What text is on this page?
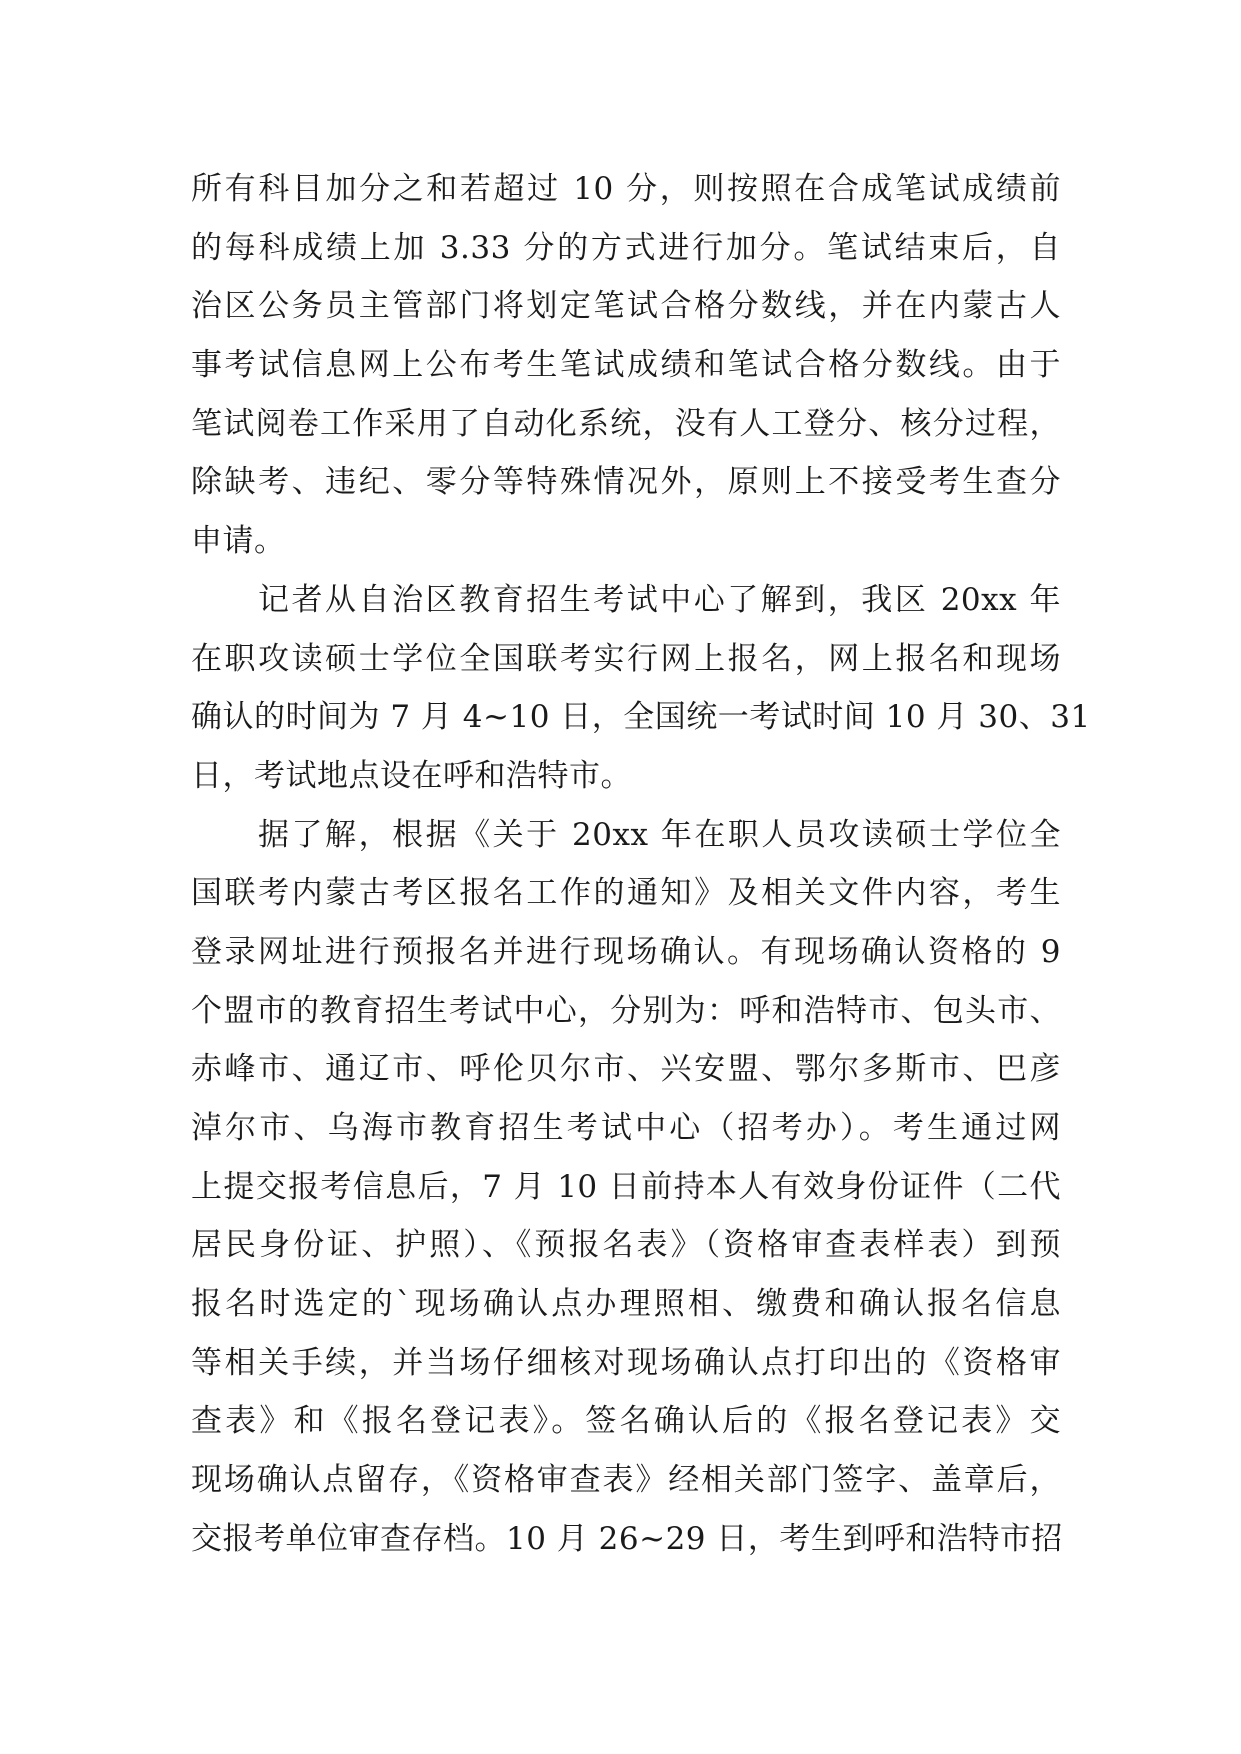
所有科目加分之和若超过 10 分，则按照在合成笔试成绩前
的每科成绩上加 3.33 分的方式进行加分。笔试结束后，自
治区公务员主管部门将划定笔试合格分数线，并在内蒙古人
事考试信息网上公布考生笔试成绩和笔试合格分数线。由于
笔试阅卷工作采用了自动化系统，没有人工登分、核分过程，
除缺考、违纪、零分等特殊情况外，原则上不接受考生查分
申请。
　　记者从自治区教育招生考试中心了解到，我区 20xx 年
在职攻读硕士学位全国联考实行网上报名，网上报名和现场
确认的时间为 7 月 4~10 日，全国统一考试时间 10 月 30、31
日，考试地点设在呼和浩特市。
　　据了解，根据《关于 20xx 年在职人员攻读硕士学位全
国联考内蒙古考区报名工作的通知》及相关文件内容，考生
登录网址进行预报名并进行现场确认。有现场确认资格的 9
个盟市的教育招生考试中心，分别为：呼和浩特市、包头市、
赤峰市、通辽市、呼伦贝尔市、兴安盟、鄂尔多斯市、巴彦
淖尔市、乌海市教育招生考试中心（招考办）。考生通过网
上提交报考信息后，7 月 10 日前持本人有效身份证件（二代
居民身份证、护照）、《预报名表》（资格审查表样表）到预
报名时选定的`现场确认点办理照相、缴费和确认报名信息
等相关手续，并当场仔细核对现场确认点打印出的《资格审
查表》和《报名登记表》。签名确认后的《报名登记表》交
现场确认点留存，《资格审查表》经相关部门签字、盖章后，
交报考单位审查存档。10 月 26~29 日，考生到呼和浩特市招
